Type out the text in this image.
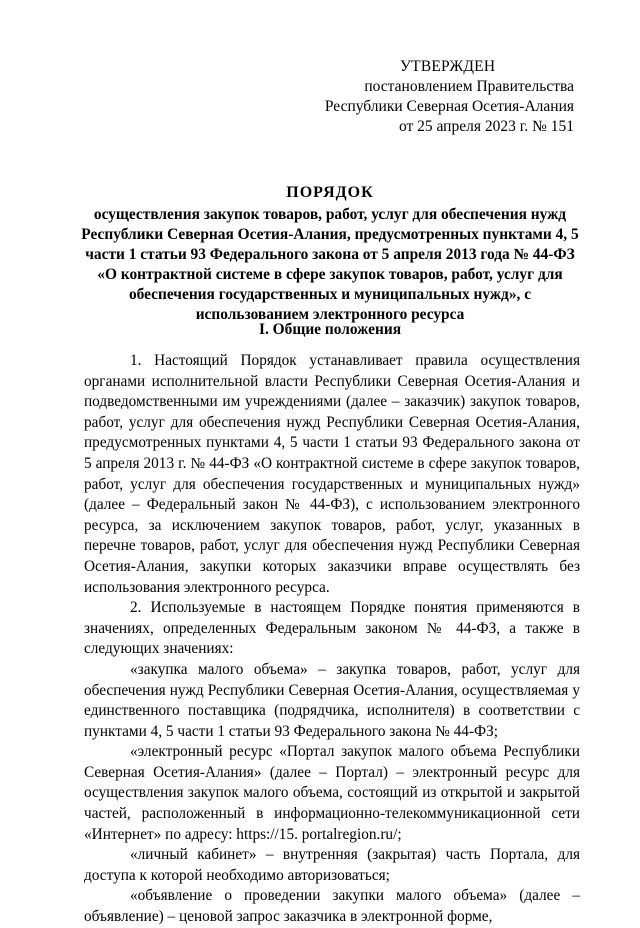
УТВЕРЖДЕН
постановлением Правительства
Республики Северная Осетия-Алания
от 25 апреля 2023 г. № 151
ПОРЯДОК
осуществления закупок товаров, работ, услуг для обеспечения нужд
Республики Северная Осетия-Алания, предусмотренных пунктами 4, 5
части 1 статьи 93 Федерального закона от 5 апреля 2013 года № 44-ФЗ
«О контрактной системе в сфере закупок товаров, работ, услуг для
обеспечения государственных и муниципальных нужд», с
использованием электронного ресурса
I. Общие положения

1. Настоящий Порядок устанавливает правила осуществления органами исполнительной власти Республики Северная Осетия-Алания и подведомственными им учреждениями (далее – заказчик) закупок товаров, работ, услуг для обеспечения нужд Республики Северная Осетия-Алания, предусмотренных пунктами 4, 5 части 1 статьи 93 Федерального закона от 5 апреля 2013 г. № 44-ФЗ «О контрактной системе в сфере закупок товаров, работ, услуг для обеспечения государственных и муниципальных нужд» (далее – Федеральный закон № 44-ФЗ), с использованием электронного ресурса, за исключением закупок товаров, работ, услуг, указанных в перечне товаров, работ, услуг для обеспечения нужд Республики Северная Осетия-Алания, закупки которых заказчики вправе осуществлять без использования электронного ресурса.

2. Используемые в настоящем Порядке понятия применяются в значениях, определенных Федеральным законом № 44-ФЗ, а также в следующих значениях:

«закупка малого объема» – закупка товаров, работ, услуг для обеспечения нужд Республики Северная Осетия-Алания, осуществляемая у единственного поставщика (подрядчика, исполнителя) в соответствии с пунктами 4, 5 части 1 статьи 93 Федерального закона № 44-ФЗ;

«электронный ресурс «Портал закупок малого объема Республики Северная Осетия-Алания» (далее – Портал) – электронный ресурс для осуществления закупок малого объема, состоящий из открытой и закрытой частей, расположенный в информационно-телекоммуникационной сети «Интернет» по адресу: https://15. portalregion.ru/;

«личный кабинет» – внутренняя (закрытая) часть Портала, для доступа к которой необходимо авторизоваться;

«объявление о проведении закупки малого объема» (далее – объявление) – ценовой запрос заказчика в электронной форме,
